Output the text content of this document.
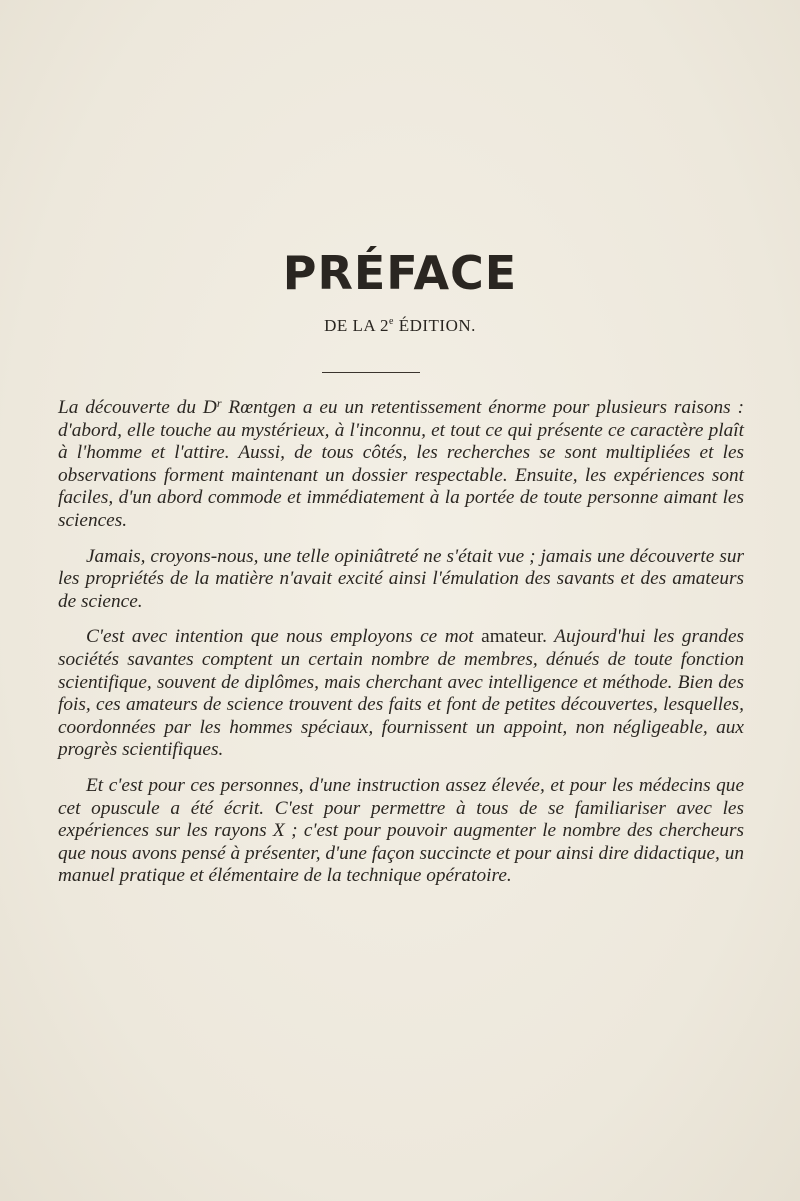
PRÉFACE
DE LA 2e ÉDITION.

La découverte du $D^r$ Rœntgen a eu un retentissement énorme pour plusieurs raisons : d'abord, elle touche au mystérieux, à l'inconnu, et tout ce qui présente ce caractère plaît à l'homme et l'attire. Aussi, de tous côtés, les recherches se sont multipliées et les observations forment maintenant un dossier respectable. Ensuite, les expériences sont faciles, d'un abord commode et immédiatement à la portée de toute personne aimant les sciences.

Jamais, croyons-nous, une telle opiniâtreté ne s'était vue ; jamais une découverte sur les propriétés de la matière n'avait excité ainsi l'émulation des savants et des amateurs de science.

C'est avec intention que nous employons ce mot amateur. Aujourd'hui les grandes sociétés savantes comptent un certain nombre de membres, dénués de toute fonction scientifique, souvent de diplômes, mais cherchant avec intelligence et méthode. Bien des fois, ces amateurs de science trouvent des faits et font de petites découvertes, lesquelles, coordonnées par les hommes spéciaux, fournissent un appoint, non négligeable, aux progrès scientifiques.

Et c'est pour ces personnes, d'une instruction assez élevée, et pour les médecins que cet opuscule a été écrit. C'est pour permettre à tous de se familiariser avec les expériences sur les rayons X ; c'est pour pouvoir augmenter le nombre des chercheurs que nous avons pensé à présenter, d'une façon succincte et pour ainsi dire didactique, un manuel pratique et élémentaire de la technique opératoire.
